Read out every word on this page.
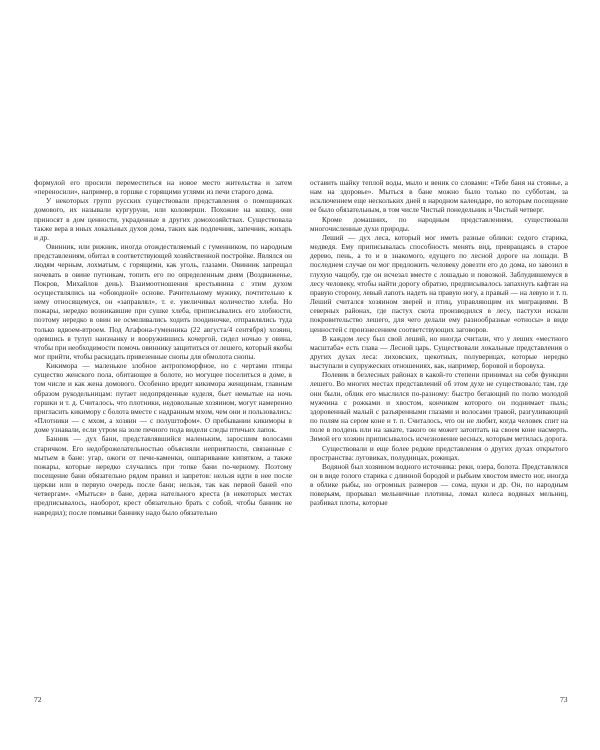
формулой его просили переместиться на новое место жительства и затем «переносили», например, в горшке с горящими углями из печи старого дома.

У некоторых групп русских существовали представления о помощниках домового, их называли кургуруни, или коловерши. Похожие на кошку, они приносят в дом ценности, украденные в других домохозяйствах. Существовала также вера в иных локальных духов дома, таких как подпечник, запечник, жихарь и др.

Овинник, или рижник, иногда отождествляемый с гуменником, по народным представлениям, обитал в соответствующей хозяйственной постройке. Являлся он людям черным, лохматым, с горящими, как уголь, глазами. Овинник запрещал ночевать в овине путникам, топить его по определенным дням (Воздвиженье, Покров, Михайлов день). Взаимоотношения крестьянина с этим духом осуществлялись на «обоюдной» основе. Рачительному мужику, почтительно к нему относящемуся, он «заправлял», т. е. увеличивал количество хлеба. Но пожары, нередко возникавшие при сушке хлеба, приписывались его злобности, поэтому нередко в овин не осмеливались ходить поодиночке, отправлялись туда только вдвоем-втроем. Под Агафона-гуменника (22 августа/4 сентября) хозяин, одевшись в тулуп наизнанку и вооружившись кочергой, сидел ночью у овина, чтобы при необходимости помочь овиннику защититься от лешего, который якобы мог прийти, чтобы раскидать привезенные снопы для обмолота снопы.

Кикимора — маленькое злобное антропоморфное, но с чертами птицы существо женского пола, обитающее в болоте, но могущее поселиться в доме, в том числе и как жена домового. Особенно вредит кикимора женщинам, главным образом рукодельницам: путает недопряденные куделя, бьет немытые на ночь горшки и т. д. Считалось, что плотники, недовольные хозяином, могут намеренно пригласить кикимору с болота вместе с надранным мхом, чем они и пользовались: «Плотники — с мхом, а хозяин — с полуштофом». О пребывании кикиморы в доме узнавали, если утром на золе печного пода видели следы птичьих лапок.

Банник — дух бани, представлявшийся маленьким, заросшим волосами старичком. Его недоброжелательностью объясняли неприятности, связанные с мытьем в бане: угар, ожоги от печи-каменки, ошпаривание кипятком, а также пожары, которые нередко случались при топке бани по-черному. Поэтому посещение бани обязательно рядом правил и запретов: нельзя идти в нее после церкви или в первую очередь после бани; нельзя, так как первой баней «по четвергам». «Мыться» в бане, держа нательного креста (в некоторых местах предписывалось, наоборот, крест обязательно брать с собой, чтобы банник не навредил); после помывки баннику надо было обязательно

оставить шайку теплой воды, мыло и веник со словами: «Тебе баня на стоянье, а нам на здоровье». Мыться в бане можно было только по субботам, за исключением еще нескольких дней в народном календаре, по которым посещение ее было обязательным, в том числе Чистый понедельник и Чистый четверг.

Кроме домашних, по народным представлениям, существовали многочисленные духи природы.

Леший — дух леса, который мог иметь разные облики: седого старика, медведя. Ему приписывалась способность менять вид, превращаясь в старое дерево, пень, а то и в знакомого, едущего по лесной дороге на лошади. В последнем случае он мог предложить человеку довезти его до дома, но завозил в глухую чащобу, где он исчезал вместе с лошадью и повозкой. Заблудившемуся в лесу человеку, чтобы найти дорогу обратно, предписывалось запахнуть кафтан на правую сторону, левый лапоть надеть на правую ногу, а правый — на левую и т. п. Леший считался хозяином зверей и птиц, управляющим их миграциями. В северных районах, где пастух скота производился в лесу, пастухи искали покровительство лешего, для чего делали ему разнообразные «относы» в виде ценностей с произнесением соответствующих заговоров.

В каждом лесу был свой леший, но иногда считали, что у леших «местного масштаба» есть глава — Лесной царь. Существовали локальные представления о других духах леса: лиховских, щекотных, полуверицах, которые нередко выступали в супружеских отношениях, как, например, боровой и боровуха.

Полевик в безлесных районах в какой-то степени принимал на себя функции лешего. Во многих местах представлений об этом духе не существовало; там, где они были, облик его мыслился по-разному: быстро бегающий по полю молодой мужчина с рожками и хвостом, кончиком которого он поднимает пыль; здоровенный малый с разъяренными глазами и волосами травой, разгуливающий по полям на сером коне и т. п. Считалось, что он не любит, когда человек спит на поле в полдень или на закате, такого он может затоптать на своем коне насмерть. Зимой его хозяин приписывалось исчезновение весных, которым метилась дорога.

Существовали и еще более редкие представления о других духах открытого пространства: луговиках, полудницах, рожицах.

Водяной был хозяином водного источника: реки, озера, болота. Представлялся он в виде голого старика с длинной бородой и рыбьим хвостом вместо ног, иногда в облике рыбы, но огромных размеров — сома, щуки и др. Он, по народным поверьям, прорывал мельничные плотины, ломал колеса водяных мельниц, разбивал плоты, которые

72	73
